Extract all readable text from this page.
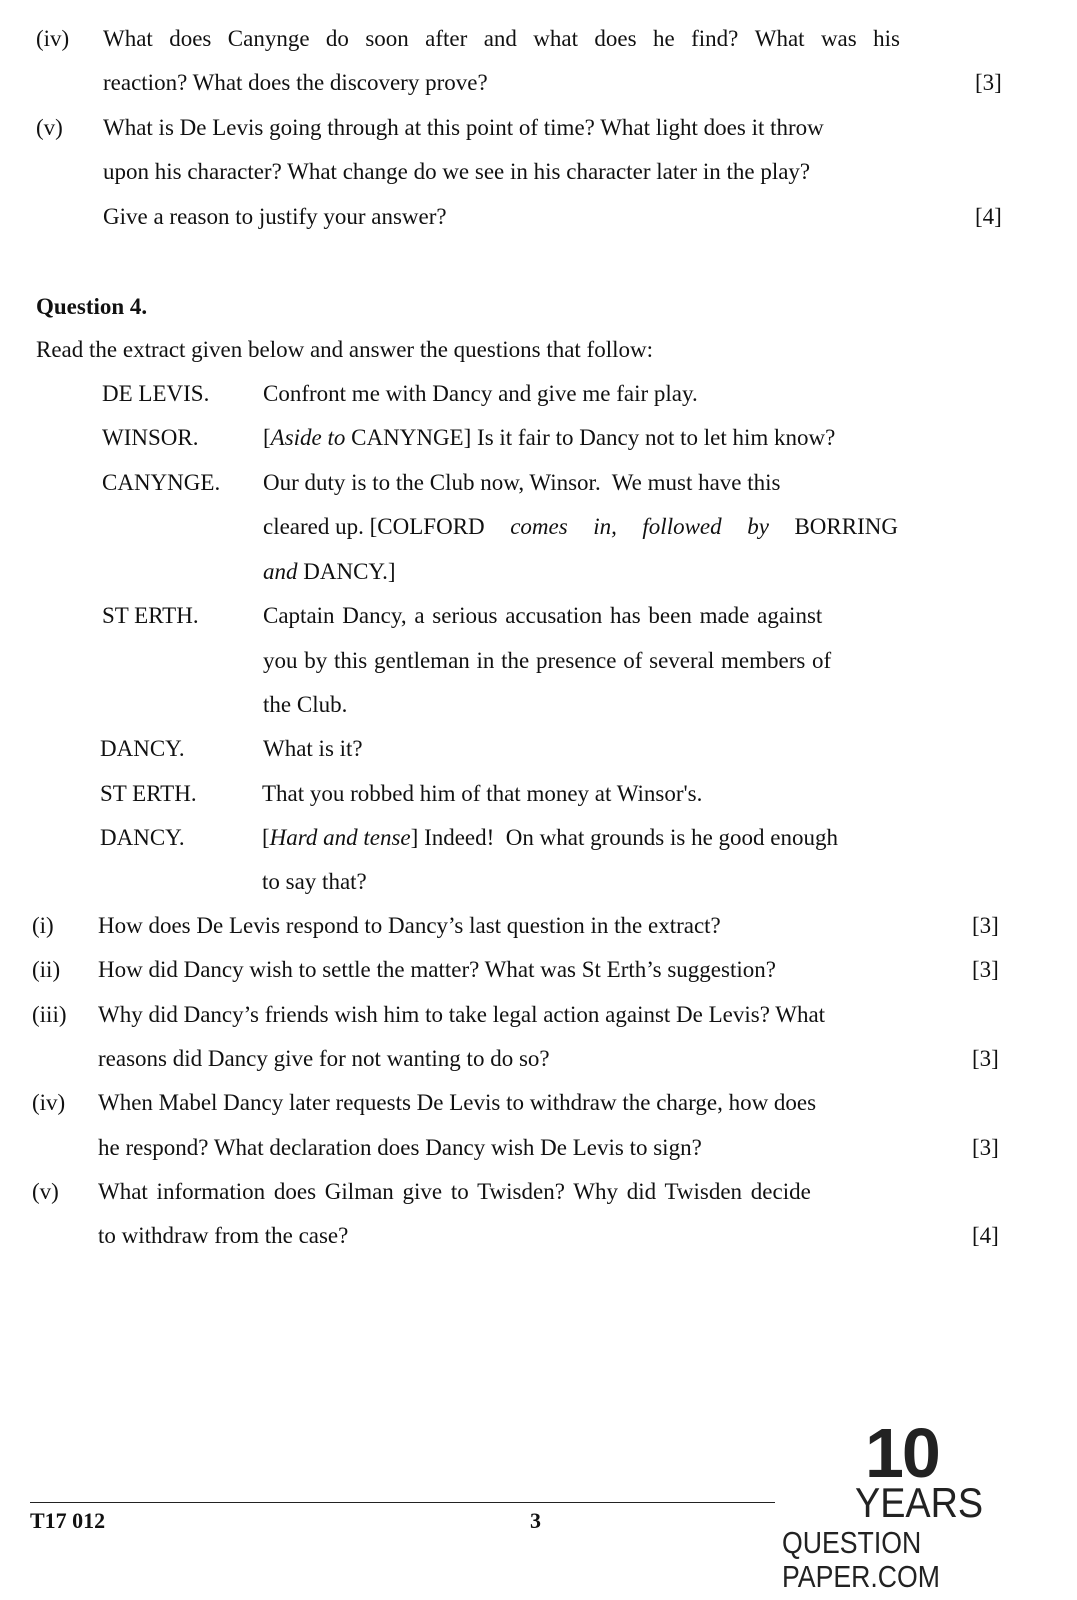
(iv) What does Canynge do soon after and what does he find? What was his
reaction? What does the discovery prove?	[3]
(v) What is De Levis going through at this point of time? What light does it throw
upon his character? What change do we see in his character later in the play?
Give a reason to justify your answer?	[4]
Question 4.
Read the extract given below and answer the questions that follow:
DE LEVIS. Confront me with Dancy and give me fair play.
WINSOR.	[Aside to CANYNGE] Is it fair to Dancy not to let him know?
CANYNGE. Our duty is to the Club now, Winsor.  We must have this
cleared up. [COLFORD comes in, followed by BORRING
and DANCY.]
ST ERTH.	Captain Dancy, a serious accusation has been made against
you by this gentleman in the presence of several members of
the Club.
DANCY.	What is it?
ST ERTH.	That you robbed him of that money at Winsor's.
DANCY.	[Hard and tense] Indeed!  On what grounds is he good enough
to say that?
(i) How does De Levis respond to Dancy’s last question in the extract?	[3]
(ii) How did Dancy wish to settle the matter? What was St Erth’s suggestion?	[3]
(iii) Why did Dancy’s friends wish him to take legal action against De Levis? What
reasons did Dancy give for not wanting to do so?	[3]
(iv) When Mabel Dancy later requests De Levis to withdraw the charge, how does
he respond? What declaration does Dancy wish De Levis to sign?	[3]
(v) What information does Gilman give to Twisden? Why did Twisden decide
to withdraw from the case?	[4]
T17 012	3
10
YEARS
QUESTION PAPER.COM
